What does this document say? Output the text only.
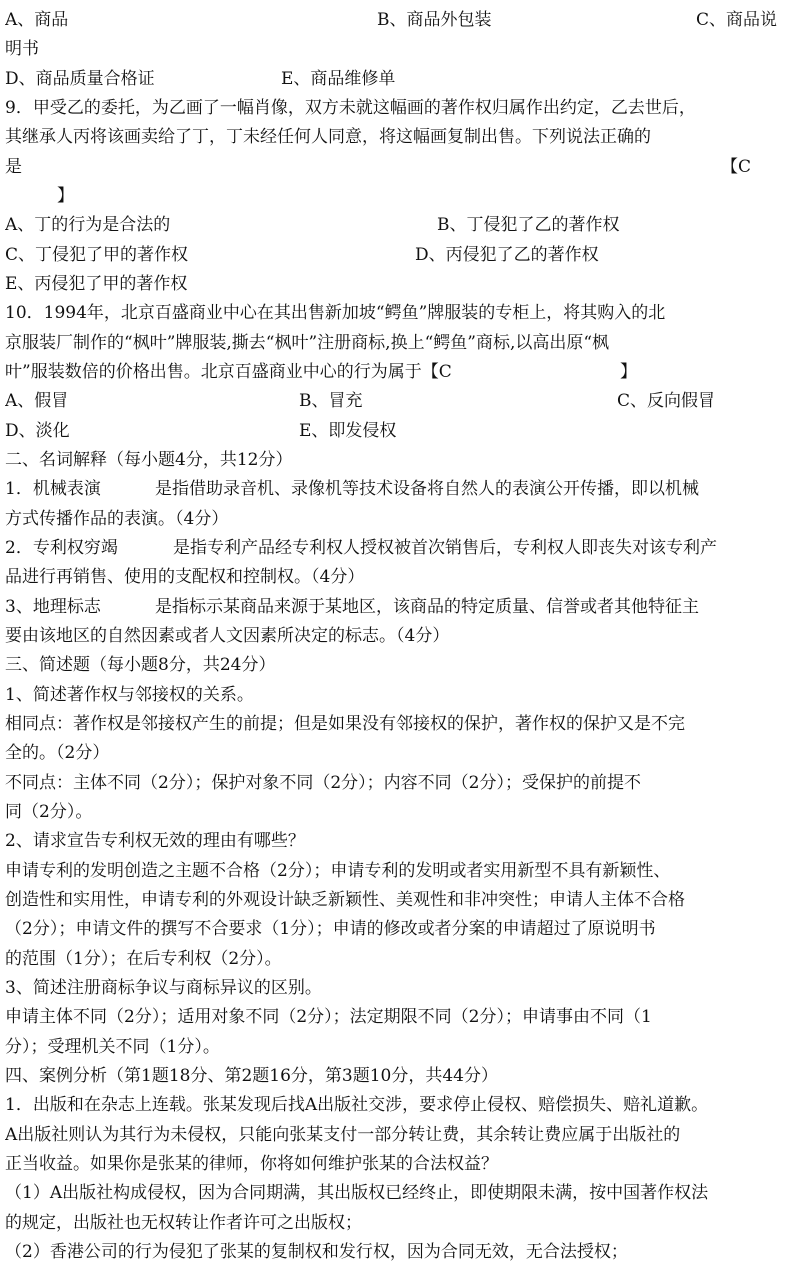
A、商品	B、商品外包装	C、商品说
明书
D、商品质量合格证	E、商品维修单
9．甲受乙的委托，为乙画了一幅肖像，双方未就这幅画的著作权归属作出约定，乙去世后，
其继承人丙将该画卖给了丁，丁未经任何人同意，将这幅画复制出售。下列说法正确的
是	【C
】
A、丁的行为是合法的	B、丁侵犯了乙的著作权
C、丁侵犯了甲的著作权	D、丙侵犯了乙的著作权
E、丙侵犯了甲的著作权
10．1994年，北京百盛商业中心在其出售新加坡“鳄鱼”牌服装的专柜上，将其购入的北
京服装厂制作的“枫叶”牌服装,撕去“枫叶”注册商标,换上“鳄鱼”商标,以高出原“枫
叶”服装数倍的价格出售。北京百盛商业中心的行为属于【C	】
A、假冒	B、冒充	C、反向假冒
D、淡化	E、即发侵权
二、名词解释（每小题4分，共12分）
1．机械表演	是指借助录音机、录像机等技术设备将自然人的表演公开传播，即以机械
方式传播作品的表演。（4分）
2．专利权穷竭	是指专利产品经专利权人授权被首次销售后，专利权人即丧失对该专利产
品进行再销售、使用的支配权和控制权。（4分）
3、地理标志	是指标示某商品来源于某地区，该商品的特定质量、信誉或者其他特征主
要由该地区的自然因素或者人文因素所决定的标志。（4分）
三、简述题（每小题8分，共24分）
1、简述著作权与邻接权的关系。
相同点：著作权是邻接权产生的前提；但是如果没有邻接权的保护，著作权的保护又是不完
全的。（2分）
不同点：主体不同（2分）；保护对象不同（2分）；内容不同（2分）；受保护的前提不
同（2分）。
2、请求宣告专利权无效的理由有哪些？
申请专利的发明创造之主题不合格（2分）；申请专利的发明或者实用新型不具有新颖性、
创造性和实用性，申请专利的外观设计缺乏新颖性、美观性和非冲突性；申请人主体不合格
（2分）；申请文件的撰写不合要求（1分）；申请的修改或者分案的申请超过了原说明书
的范围（1分）；在后专利权（2分）。
3、简述注册商标争议与商标异议的区别。
申请主体不同（2分）；适用对象不同（2分）；法定期限不同（2分）；申请事由不同（1
分）；受理机关不同（1分）。
四、案例分析（第1题18分、第2题16分，第3题10分，共44分）
1．出版和在杂志上连载。张某发现后找A出版社交涉，要求停止侵权、赔偿损失、赔礼道歉。
A出版社则认为其行为未侵权，只能向张某支付一部分转让费，其余转让费应属于出版社的
正当收益。如果你是张某的律师，你将如何维护张某的合法权益？
（1）A出版社构成侵权，因为合同期满，其出版权已经终止，即使期限未满，按中国著作权法
的规定，出版社也无权转让作者许可之出版权；
（2）香港公司的行为侵犯了张某的复制权和发行权，因为合同无效，无合法授权；
